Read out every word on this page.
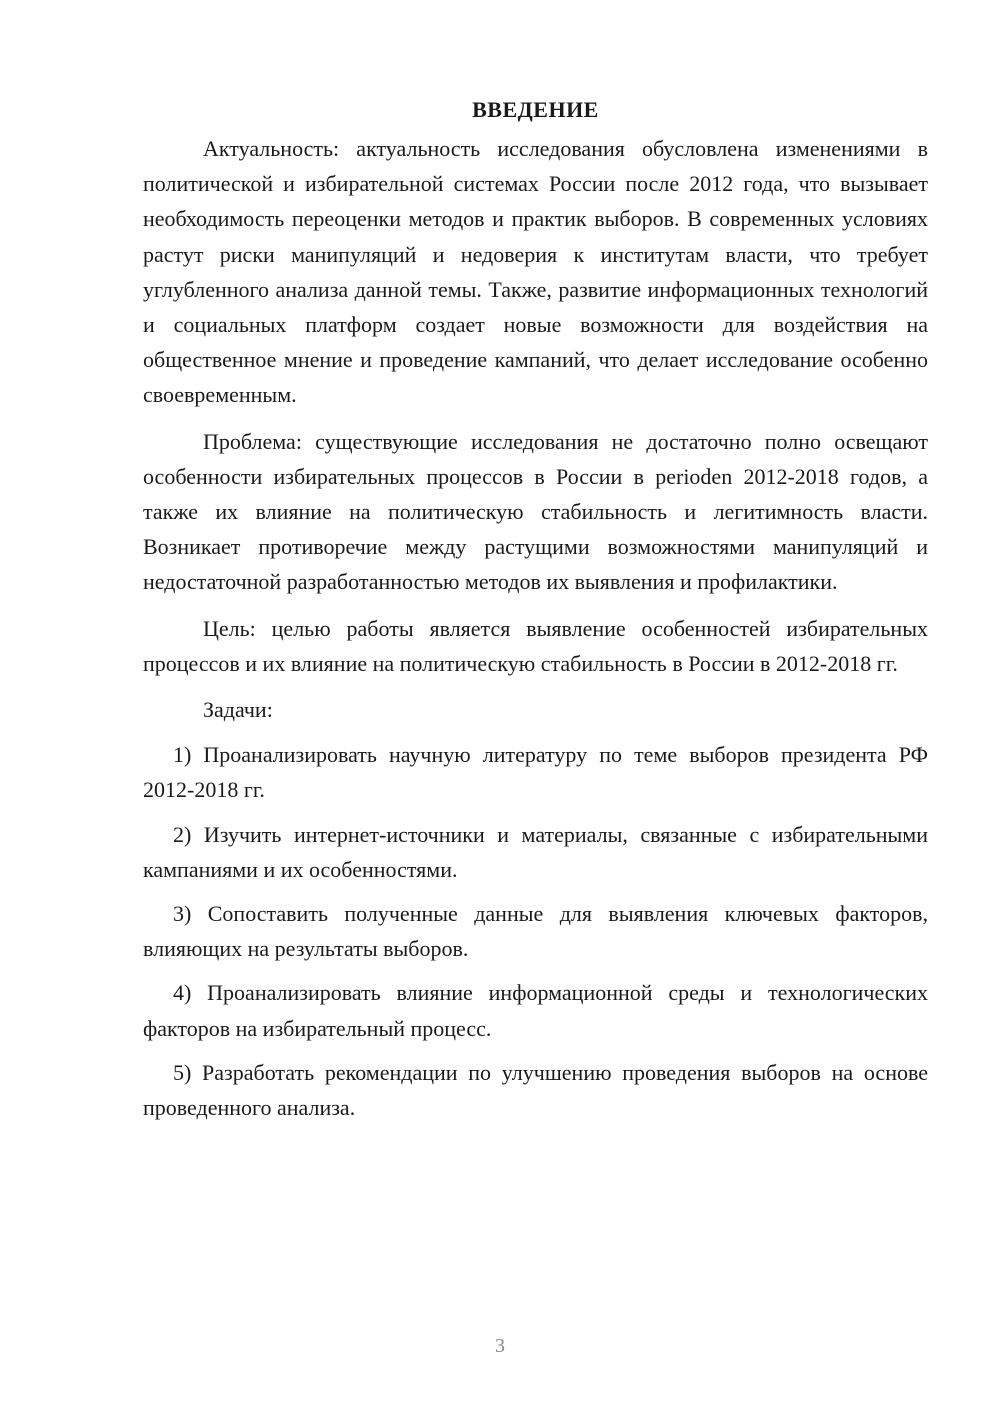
ВВЕДЕНИЕ

Актуальность: актуальность исследования обусловлена изменениями в политической и избирательной системах России после 2012 года, что вызывает необходимость переоценки методов и практик выборов. В современных условиях растут риски манипуляций и недоверия к институтам власти, что требует углубленного анализа данной темы. Также, развитие информационных технологий и социальных платформ создает новые возможности для воздействия на общественное мнение и проведение кампаний, что делает исследование особенно своевременным.

Проблема: существующие исследования не достаточно полно освещают особенности избирательных процессов в России в perioden 2012-2018 годов, а также их влияние на политическую стабильность и легитимность власти. Возникает противоречие между растущими возможностями манипуляций и недостаточной разработанностью методов их выявления и профилактики.

Цель: целью работы является выявление особенностей избирательных процессов и их влияние на политическую стабильность в России в 2012-2018 гг.

Задачи:

1) Проанализировать научную литературу по теме выборов президента РФ 2012-2018 гг.

2) Изучить интернет-источники и материалы, связанные с избирательными кампаниями и их особенностями.

3) Сопоставить полученные данные для выявления ключевых факторов, влияющих на результаты выборов.

4) Проанализировать влияние информационной среды и технологических факторов на избирательный процесс.

5) Разработать рекомендации по улучшению проведения выборов на основе проведенного анализа.

3
